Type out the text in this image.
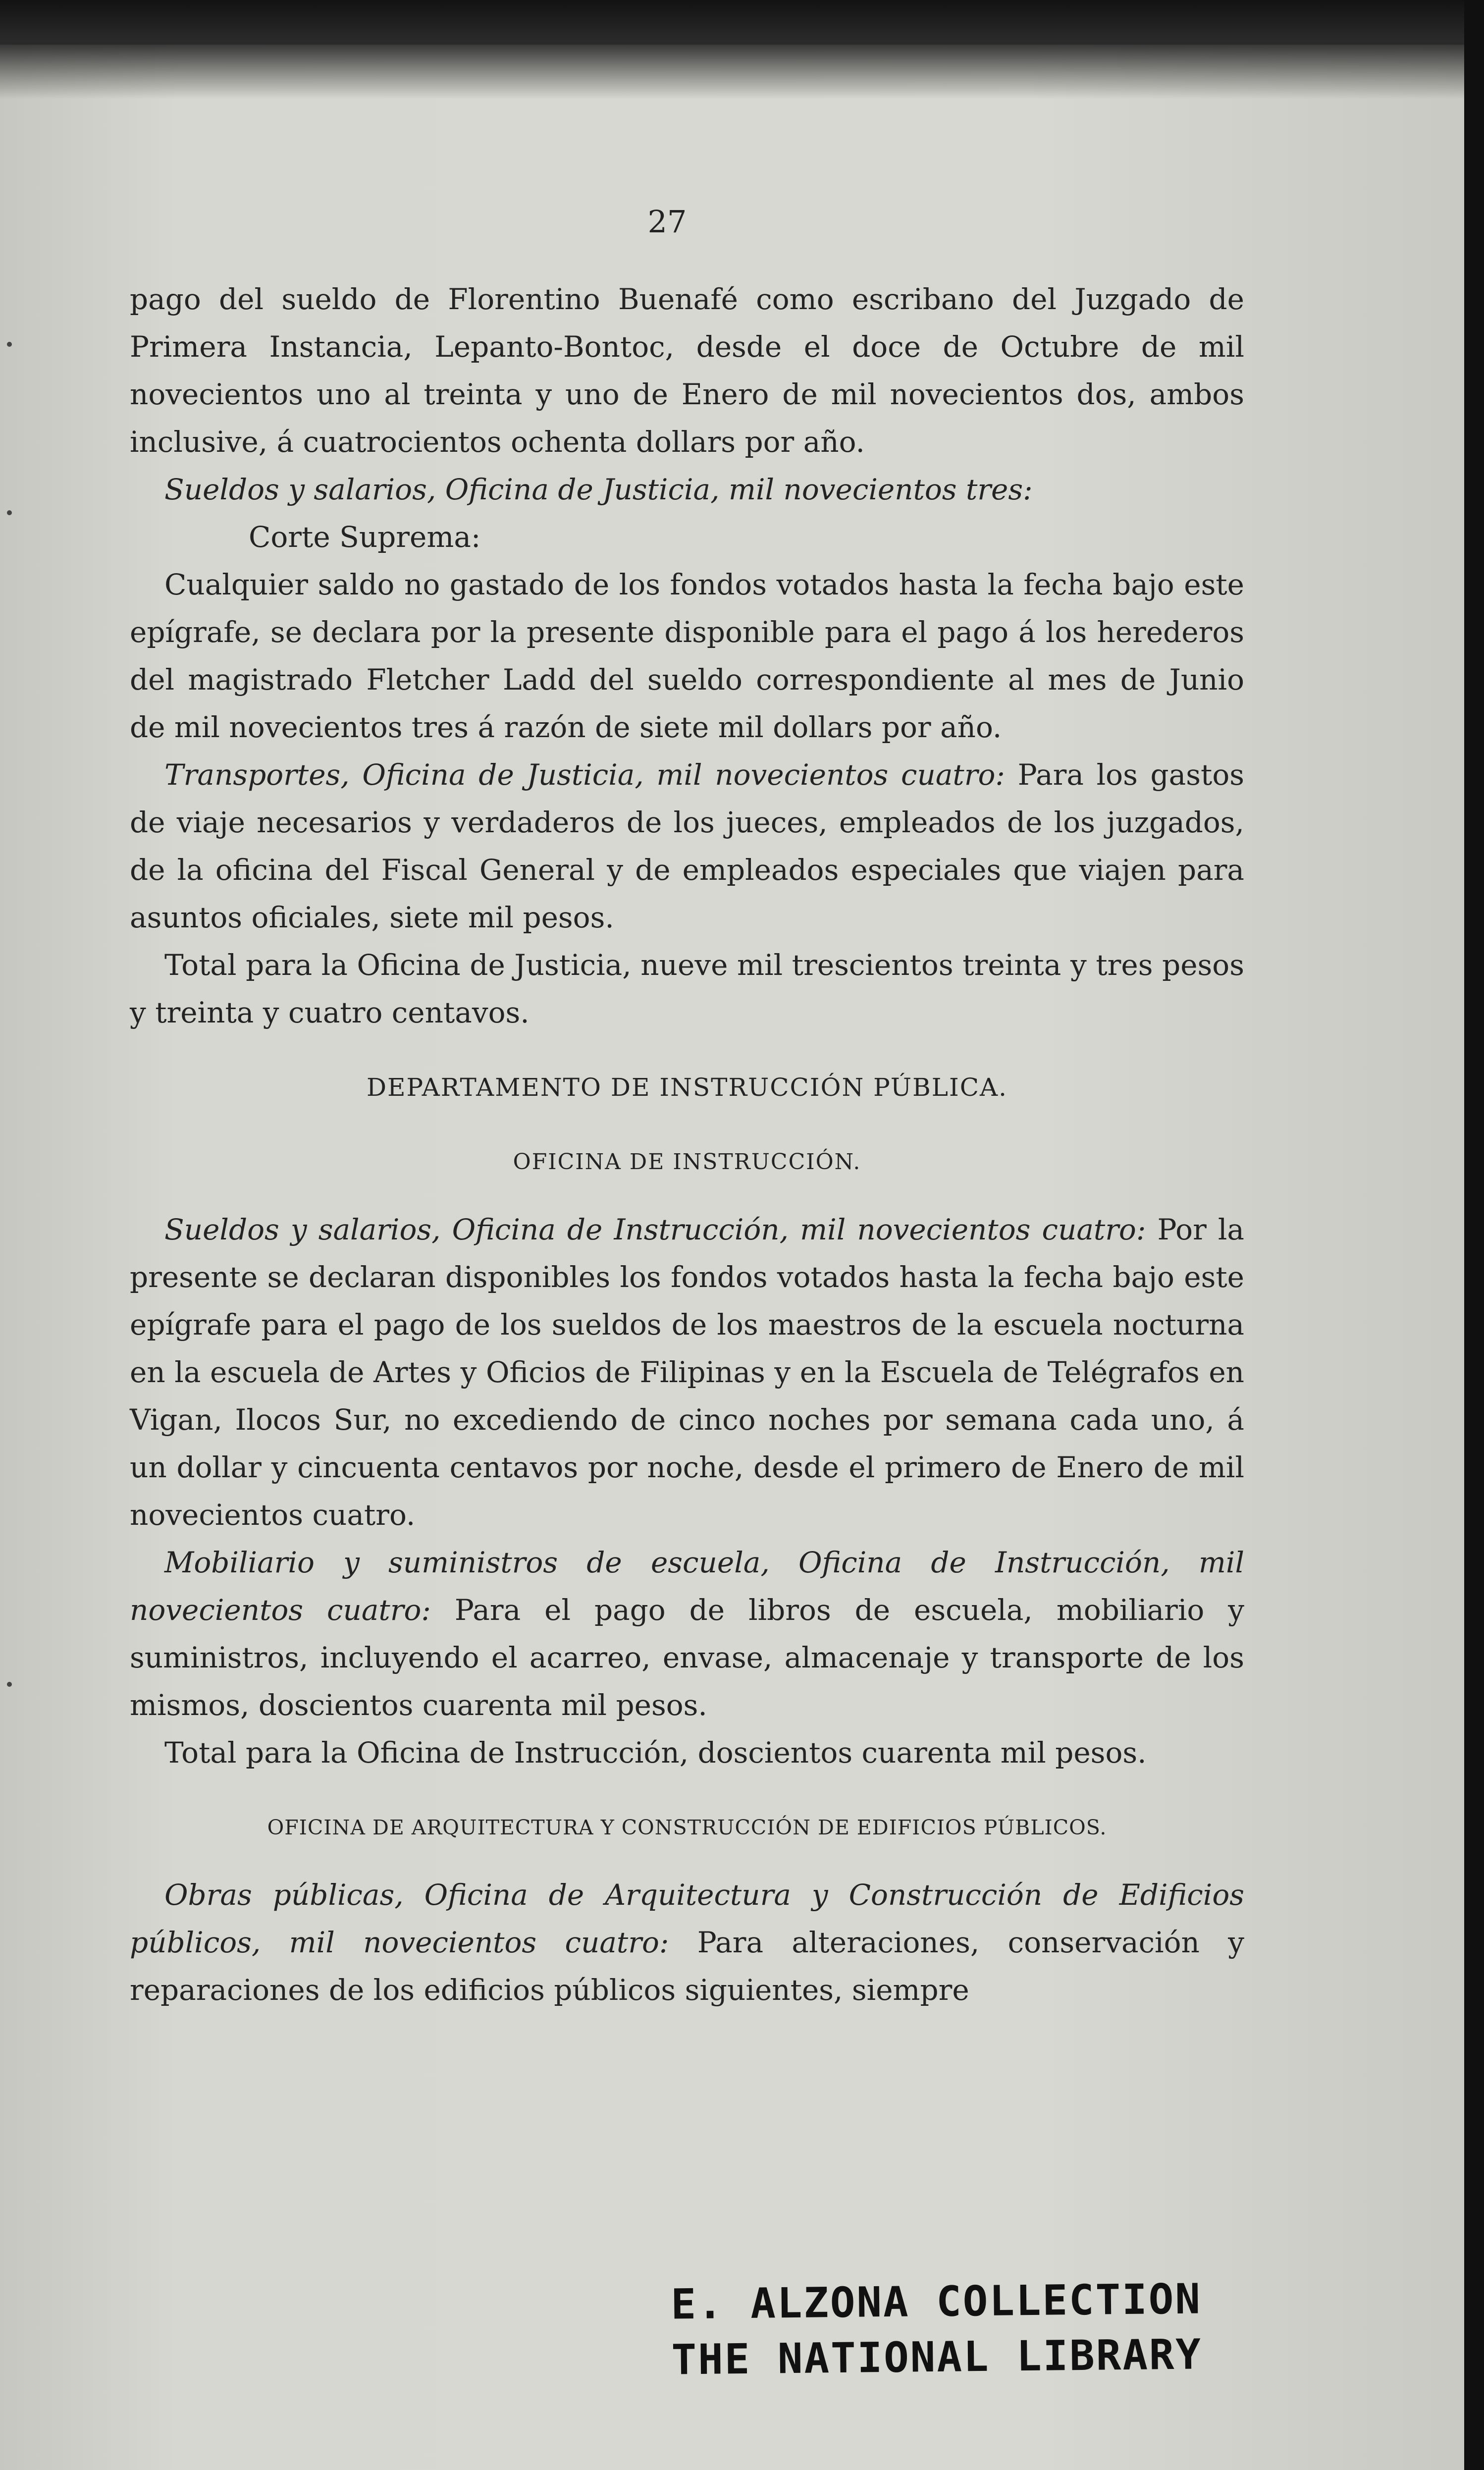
27

pago del sueldo de Florentino Buenafé como escribano del Juzgado de Primera Instancia, Lepanto-Bontoc, desde el doce de Octubre de mil novecientos uno al treinta y uno de Enero de mil novecientos dos, ambos inclusive, á cuatrocientos ochenta dollars por año.

Sueldos y salarios, Oficina de Justicia, mil novecientos tres:

Corte Suprema:

Cualquier saldo no gastado de los fondos votados hasta la fecha bajo este epígrafe, se declara por la presente disponible para el pago á los herederos del magistrado Fletcher Ladd del sueldo correspondiente al mes de Junio de mil novecientos tres á razón de siete mil dollars por año.

Transportes, Oficina de Justicia, mil novecientos cuatro: Para los gastos de viaje necesarios y verdaderos de los jueces, empleados de los juzgados, de la oficina del Fiscal General y de empleados especiales que viajen para asuntos oficiales, siete mil pesos.

Total para la Oficina de Justicia, nueve mil trescientos treinta y tres pesos y treinta y cuatro centavos.

DEPARTAMENTO DE INSTRUCCIÓN PÚBLICA.
OFICINA DE INSTRUCCIÓN.

Sueldos y salarios, Oficina de Instrucción, mil novecientos cuatro: Por la presente se declaran disponibles los fondos votados hasta la fecha bajo este epígrafe para el pago de los sueldos de los maestros de la escuela nocturna en la escuela de Artes y Oficios de Filipinas y en la Escuela de Telégrafos en Vigan, Ilocos Sur, no excediendo de cinco noches por semana cada uno, á un dollar y cincuenta centavos por noche, desde el primero de Enero de mil novecientos cuatro.

Mobiliario y suministros de escuela, Oficina de Instrucción, mil novecientos cuatro: Para el pago de libros de escuela, mobiliario y suministros, incluyendo el acarreo, envase, almacenaje y transporte de los mismos, doscientos cuarenta mil pesos.

Total para la Oficina de Instrucción, doscientos cuarenta mil pesos.

OFICINA DE ARQUITECTURA Y CONSTRUCCIÓN DE EDIFICIOS PÚBLICOS.

Obras públicas, Oficina de Arquitectura y Construcción de Edificios públicos, mil novecientos cuatro: Para alteraciones, conservación y reparaciones de los edificios públicos siguientes, siempre

E. ALZONA COLLECTION
THE NATIONAL LIBRARY
